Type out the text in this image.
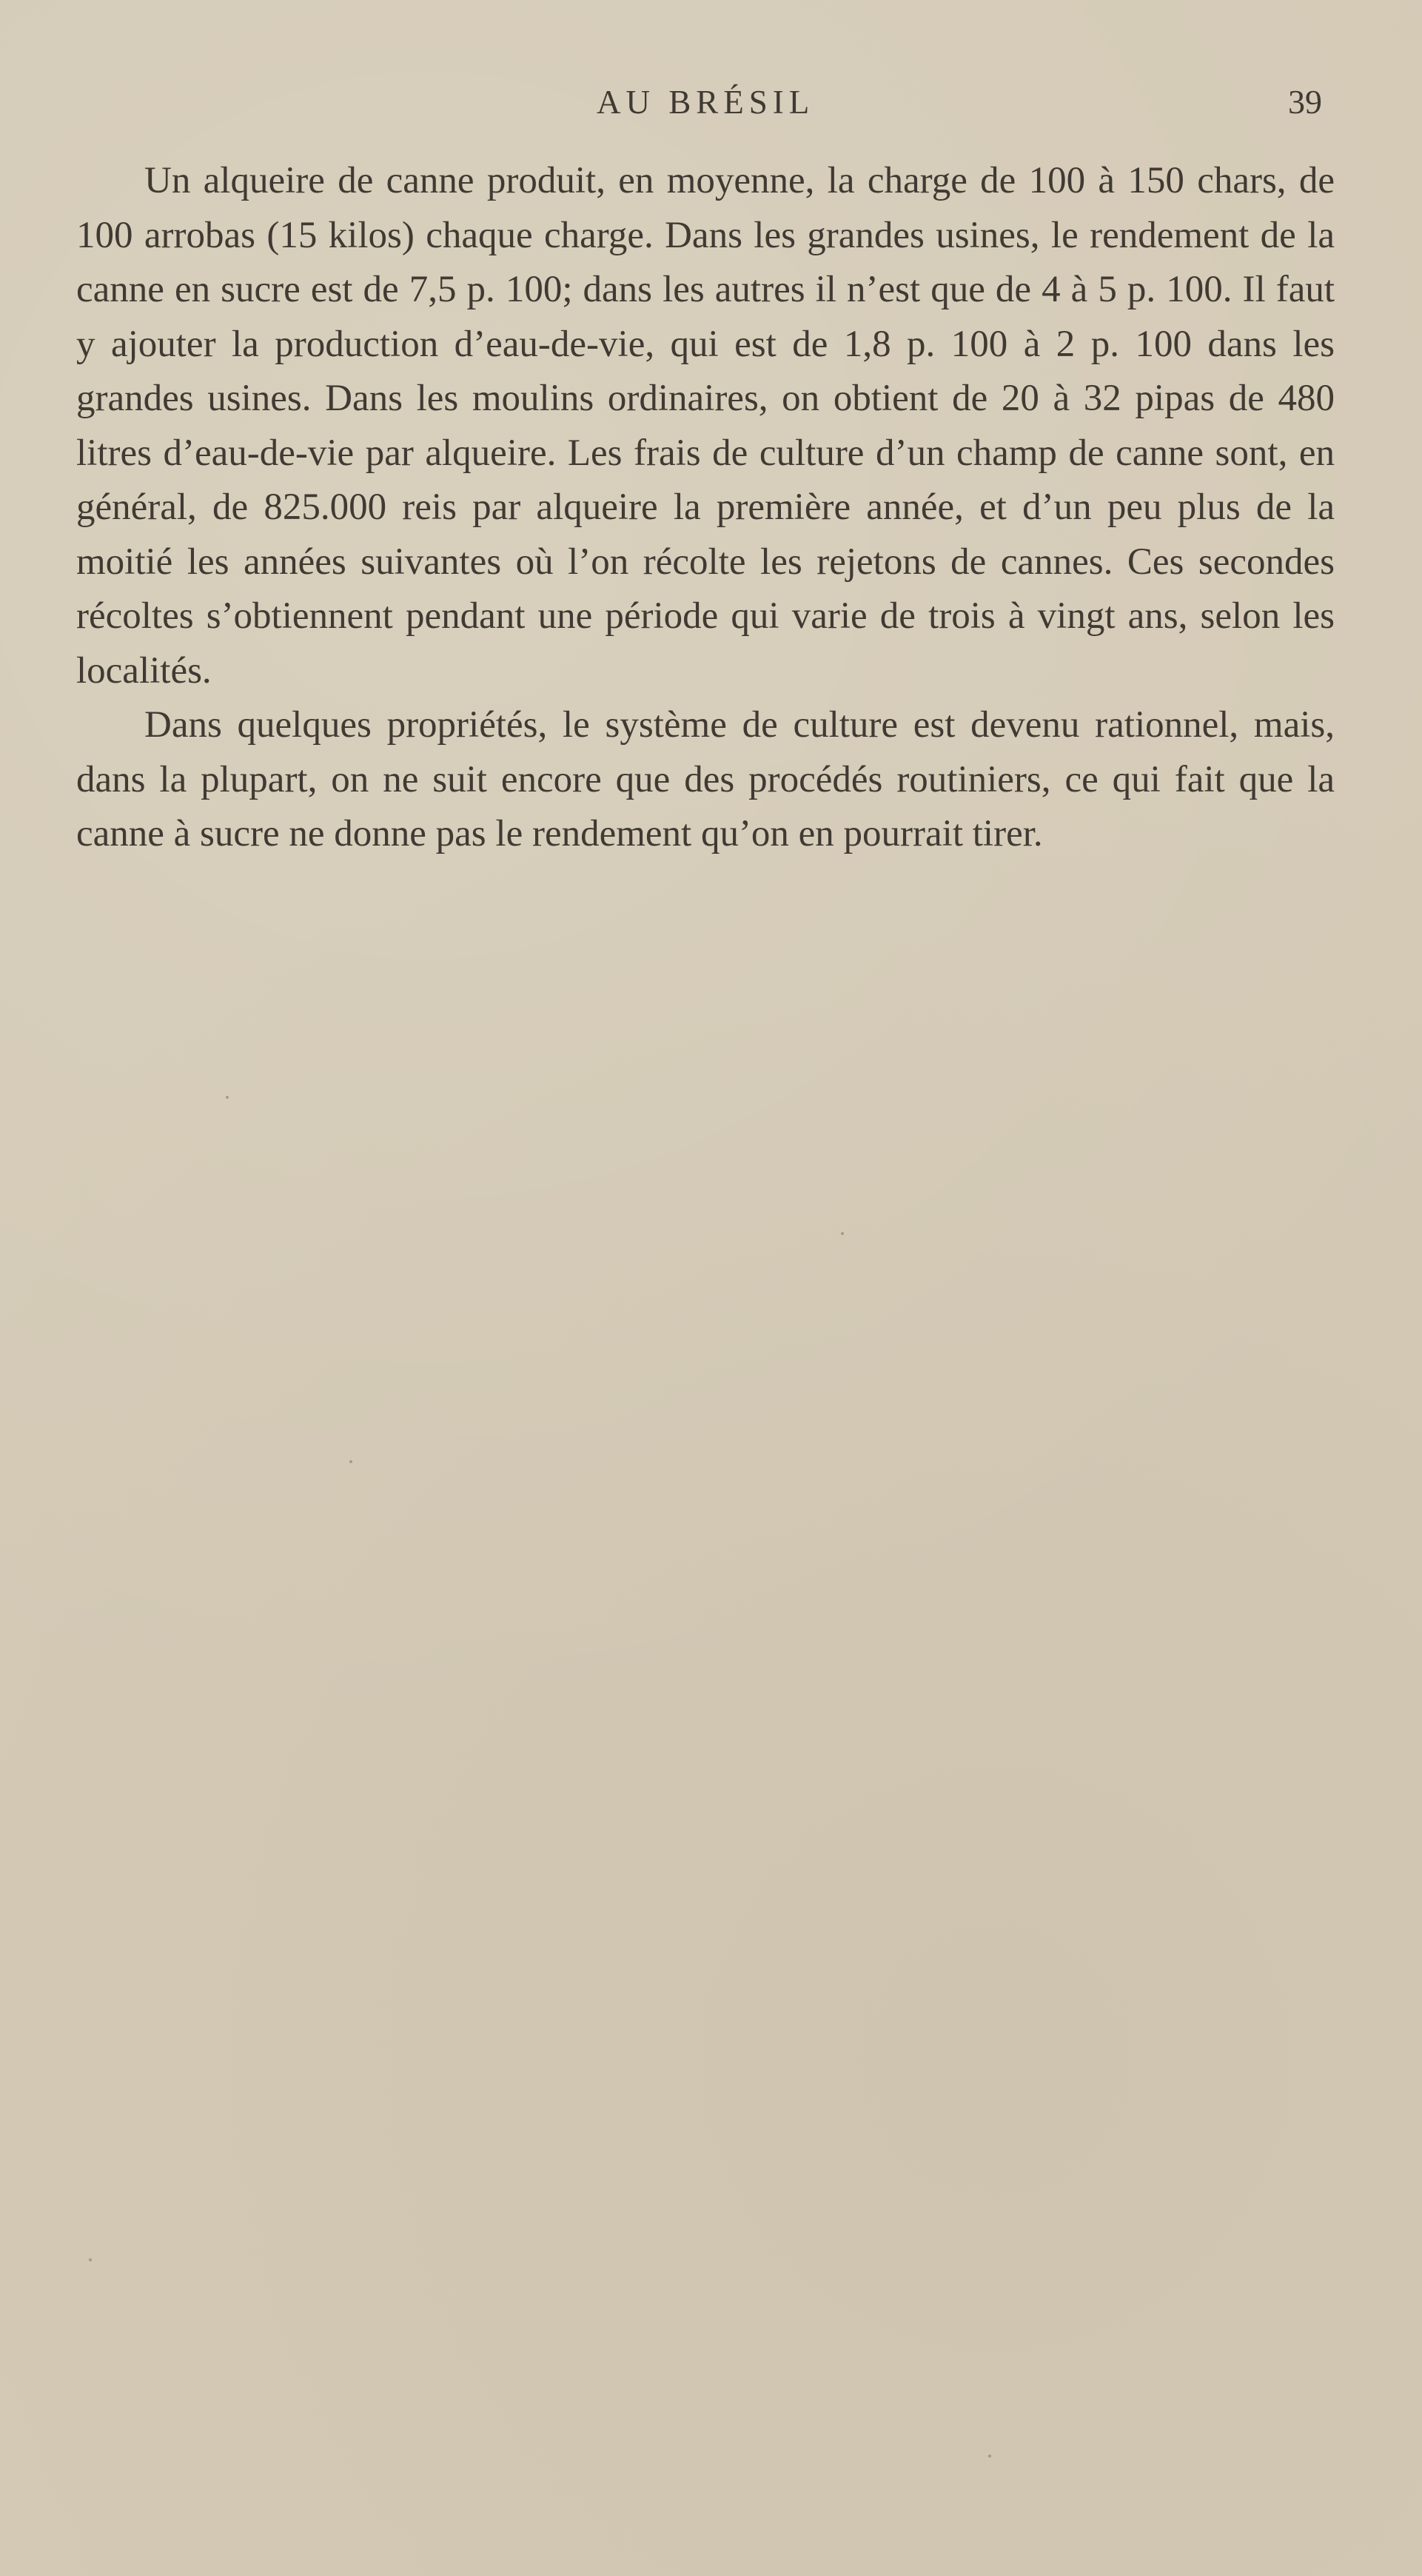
AU BRÉSIL	39

Un alqueire de canne produit, en moyenne, la charge de 100 à 150 chars, de 100 arrobas (15 kilos) chaque charge. Dans les grandes usines, le rendement de la canne en sucre est de 7,5 p. 100; dans les autres il n’est que de 4 à 5 p. 100. Il faut y ajouter la production d’eau-de-vie, qui est de 1,8 p. 100 à 2 p. 100 dans les grandes usines. Dans les moulins ordinaires, on obtient de 20 à 32 pipas de 480 litres d’eau-de-vie par alqueire. Les frais de culture d’un champ de canne sont, en général, de 825.000 reis par alqueire la première année, et d’un peu plus de la moitié les années suivantes où l’on récolte les rejetons de cannes. Ces secondes récoltes s’obtiennent pendant une période qui varie de trois à vingt ans, selon les localités.

Dans quelques propriétés, le système de culture est devenu rationnel, mais, dans la plupart, on ne suit encore que des procédés routiniers, ce qui fait que la canne à sucre ne donne pas le rendement qu’on en pourrait tirer.
